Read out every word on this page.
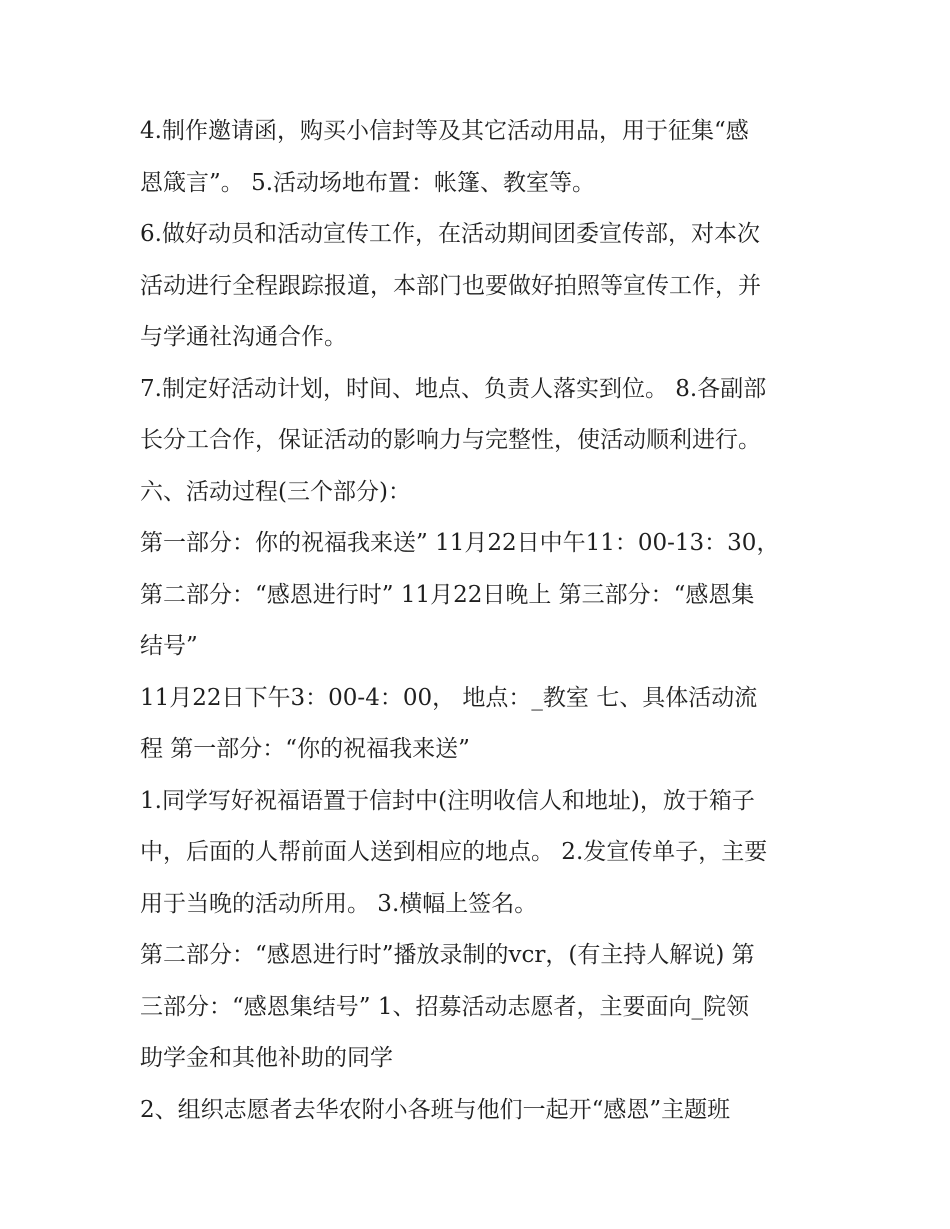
4.制作邀请函，购买小信封等及其它活动用品，用于征集“感
恩箴言”。 5.活动场地布置：帐篷、教室等。
6.做好动员和活动宣传工作，在活动期间团委宣传部，对本次
活动进行全程跟踪报道，本部门也要做好拍照等宣传工作，并
与学通社沟通合作。
7.制定好活动计划，时间、地点、负责人落实到位。 8.各副部
长分工合作，保证活动的影响力与完整性，使活动顺利进行。
六、活动过程(三个部分)：
第一部分：你的祝福我来送” 11月22日中午11：00-13：30，
第二部分：“感恩进行时” 11月22日晚上 第三部分：“感恩集
结号”
11月22日下午3：00-4：00， 地点：_教室 七、具体活动流
程 第一部分：“你的祝福我来送”
1.同学写好祝福语置于信封中(注明收信人和地址)，放于箱子
中，后面的人帮前面人送到相应的地点。 2.发宣传单子，主要
用于当晚的活动所用。 3.横幅上签名。
第二部分：“感恩进行时”播放录制的vcr，(有主持人解说) 第
三部分：“感恩集结号” 1、招募活动志愿者，主要面向_院领
助学金和其他补助的同学
2、组织志愿者去华农附小各班与他们一起开“感恩”主题班
